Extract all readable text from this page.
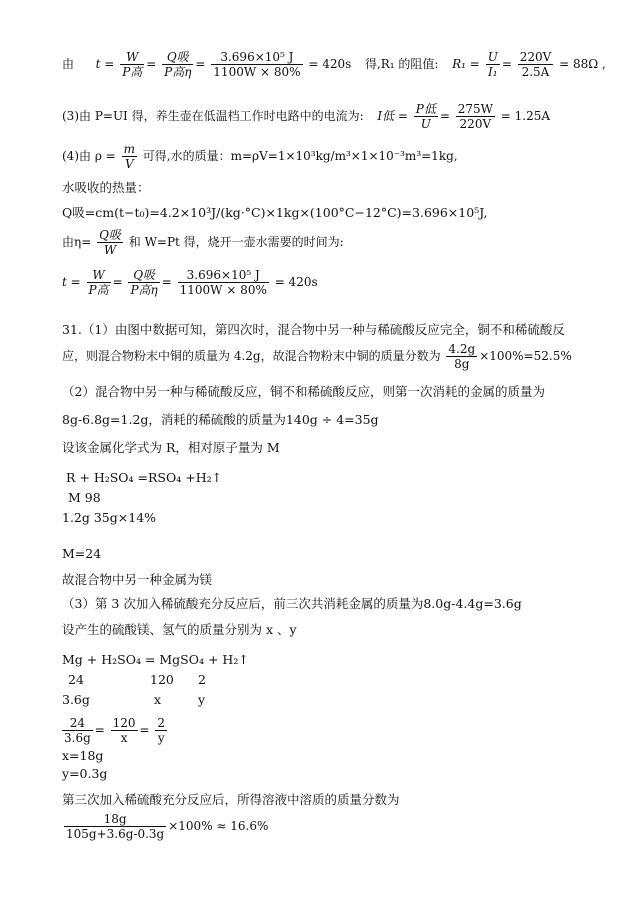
由 $t = \frac{W}{\text{P高}} = \frac{\text{Q吸}}{\text{P高η}} = \frac{\text{3.696×10⁵ J}}{1100W \times 80\%} = 420s$ 得,R₁ 的阻值: $R_1 = \frac{U}{\text{I₁}} = \frac{220V}{2.5A} = 88\Omega$ ,
(3)由 P=UI 得，养生壶在低温档工作时电路中的电流为: I低 = $\frac{\text{P低}}{U} = \frac{275W}{220V} = 1.25A$
(4)由 $\rho = \frac{m}{V}$ 可得,水的质量：m=ρV=1×10³kg/m³×1×10⁻³m³=1kg,
水吸收的热量：
Q吸=cm(t−t₀)=4.2×10³J/(kg·°C)×1kg×(100°C−12°C)=3.696×10⁵J,
由$\eta= \frac{\text{Q吸}}{W}$ 和 W=Pt 得，烧开一壶水需要的时间为:
$t = \frac{W}{\text{P高}} = \frac{\text{Q吸}}{\text{P高η}} = \frac{\text{3.696×10⁵ J}}{1100W \times 80\%} = 420s$
31.（1）由图中数据可知，第四次时，混合物中另一种与稀硫酸反应完全，铜不和稀硫酸反
应，则混合物粉末中铜的质量为 4.2g，故混合物粉末中铜的质量分数为 $\frac{4.2g}{8g} \times 100\%=52.5\%$
（2）混合物中另一种与稀硫酸反应，铜不和稀硫酸反应，则第一次消耗的金属的质量为
8g-6.8g=1.2g，消耗的稀硫酸的质量为140g ÷ 4=35g
设该金属化学式为 R，相对原子量为 M
R + H₂SO₄ =RSO₄ +H₂↑
M 98
1.2g 35g×14%
M=24
故混合物中另一种金属为镁
（3）第 3 次加入稀硫酸充分反应后，前三次共消耗金属的质量为8.0g-4.4g=3.6g
设产生的硫酸镁、氢气的质量分别为 x 、y
Mg + H₂SO₄ = MgSO₄ + H₂↑
24	120 2
3.6g	x	y
$\frac{24}{3.6g} = \frac{120}{x} = \frac{2}{y}$
x=18g
y=0.3g
第三次加入稀硫酸充分反应后，所得溶液中溶质的质量分数为
$\frac{18g}{105g+3.6g-0.3g} \times 100\% \approx 16.6\%$
